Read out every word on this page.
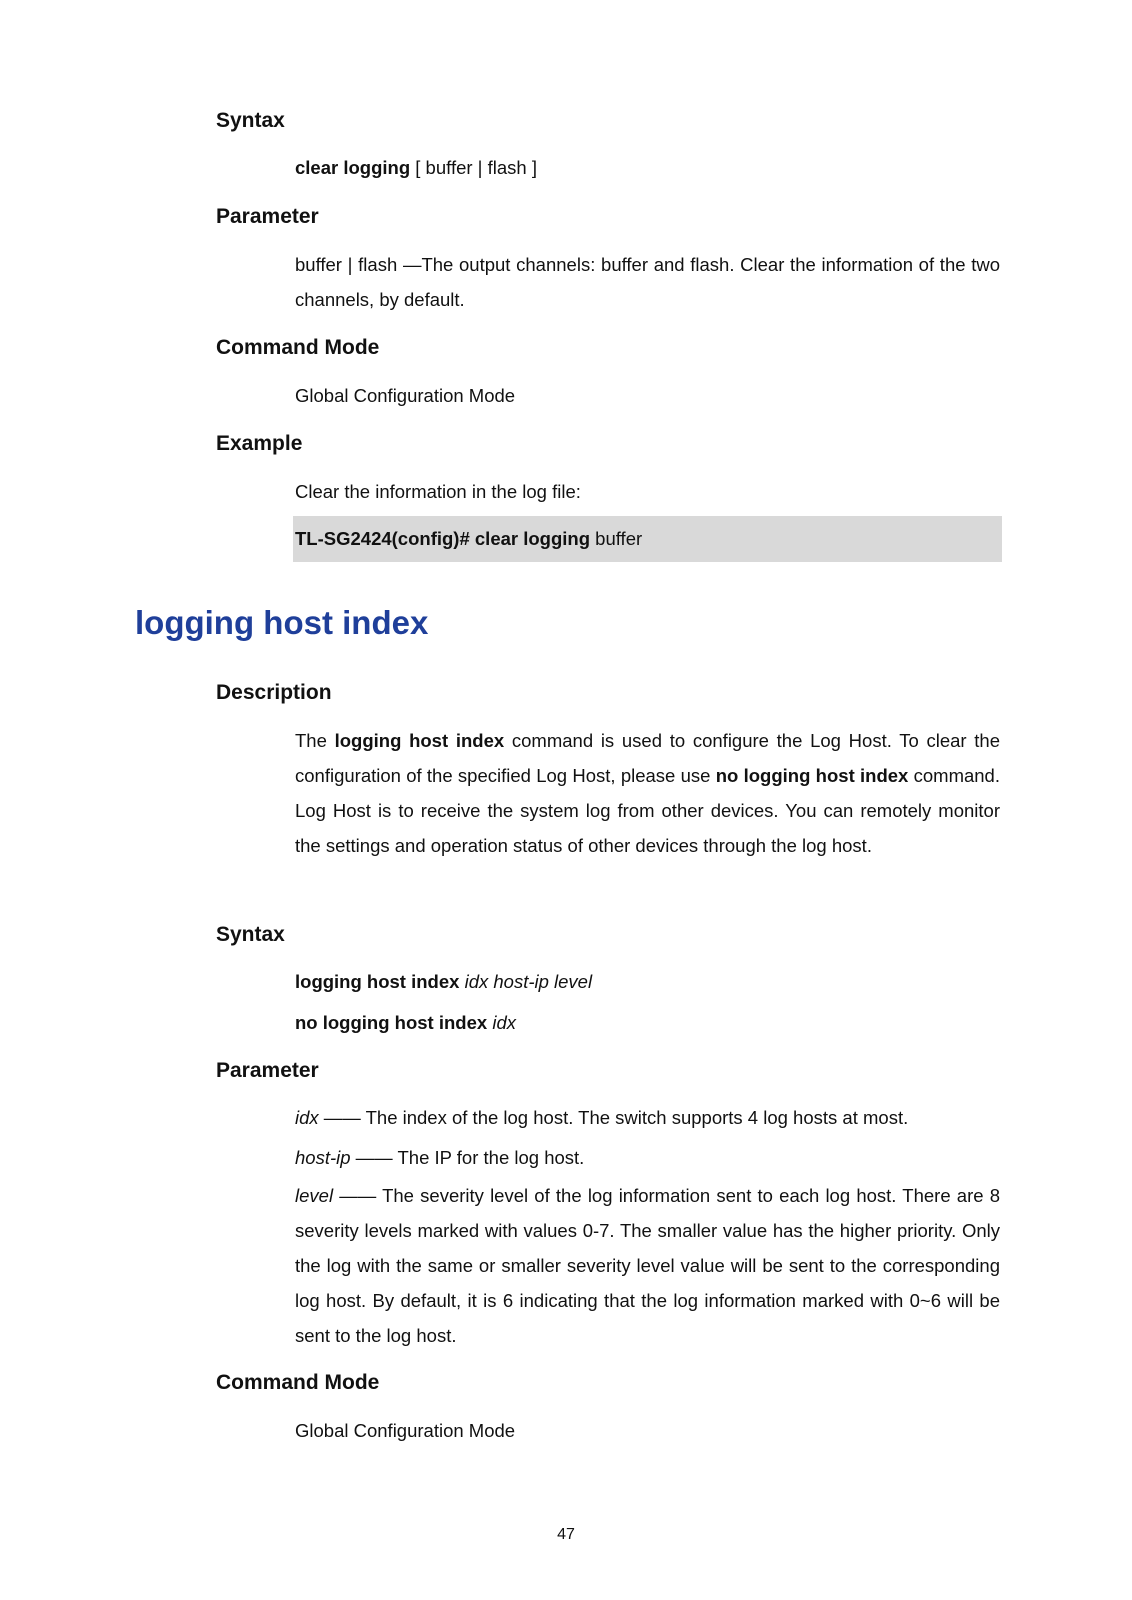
Syntax

clear logging [ buffer | flash ]

Parameter

buffer | flash —The output channels: buffer and flash. Clear the information of the two channels, by default.

Command Mode

Global Configuration Mode

Example

Clear the information in the log file:

TL-SG2424(config)# clear logging buffer
logging host index
Description

The logging host index command is used to configure the Log Host. To clear the configuration of the specified Log Host, please use no logging host index command. Log Host is to receive the system log from other devices. You can remotely monitor the settings and operation status of other devices through the log host.

Syntax

logging host index idx host-ip level

no logging host index idx

Parameter

idx —— The index of the log host. The switch supports 4 log hosts at most.

host-ip —— The IP for the log host.

level —— The severity level of the log information sent to each log host. There are 8 severity levels marked with values 0-7. The smaller value has the higher priority. Only the log with the same or smaller severity level value will be sent to the corresponding log host. By default, it is 6 indicating that the log information marked with 0~6 will be sent to the log host.

Command Mode

Global Configuration Mode

47
